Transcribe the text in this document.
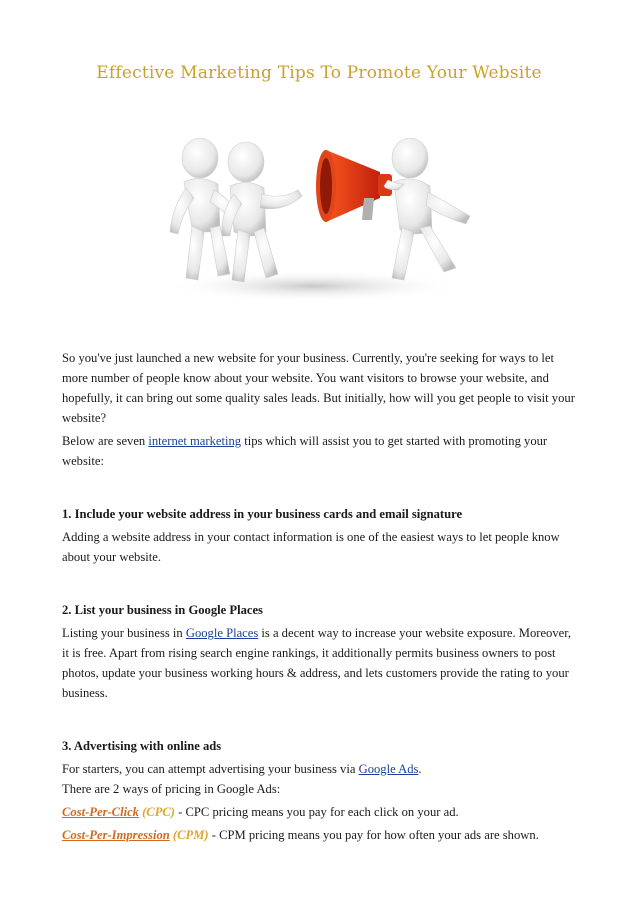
Effective Marketing Tips To Promote Your Website

So you've just launched a new website for your business. Currently, you're seeking for ways to let more number of people know about your website. You want visitors to browse your website, and hopefully, it can bring out some quality sales leads. But initially, how will you get people to visit your website?

Below are seven internet marketing tips which will assist you to get started with promoting your website:

1. Include your website address in your business cards and email signature

Adding a website address in your contact information is one of the easiest ways to let people know about your website.

2. List your business in Google Places

Listing your business in Google Places is a decent way to increase your website exposure. Moreover, it is free. Apart from rising search engine rankings, it additionally permits business owners to post photos, update your business working hours & address, and lets customers provide the rating to your business.

3. Advertising with online ads

For starters, you can attempt advertising your business via Google Ads.

There are 2 ways of pricing in Google Ads:

Cost-Per-Click (CPC) - CPC pricing means you pay for each click on your ad.

Cost-Per-Impression (CPM) - CPM pricing means you pay for how often your ads are shown.
